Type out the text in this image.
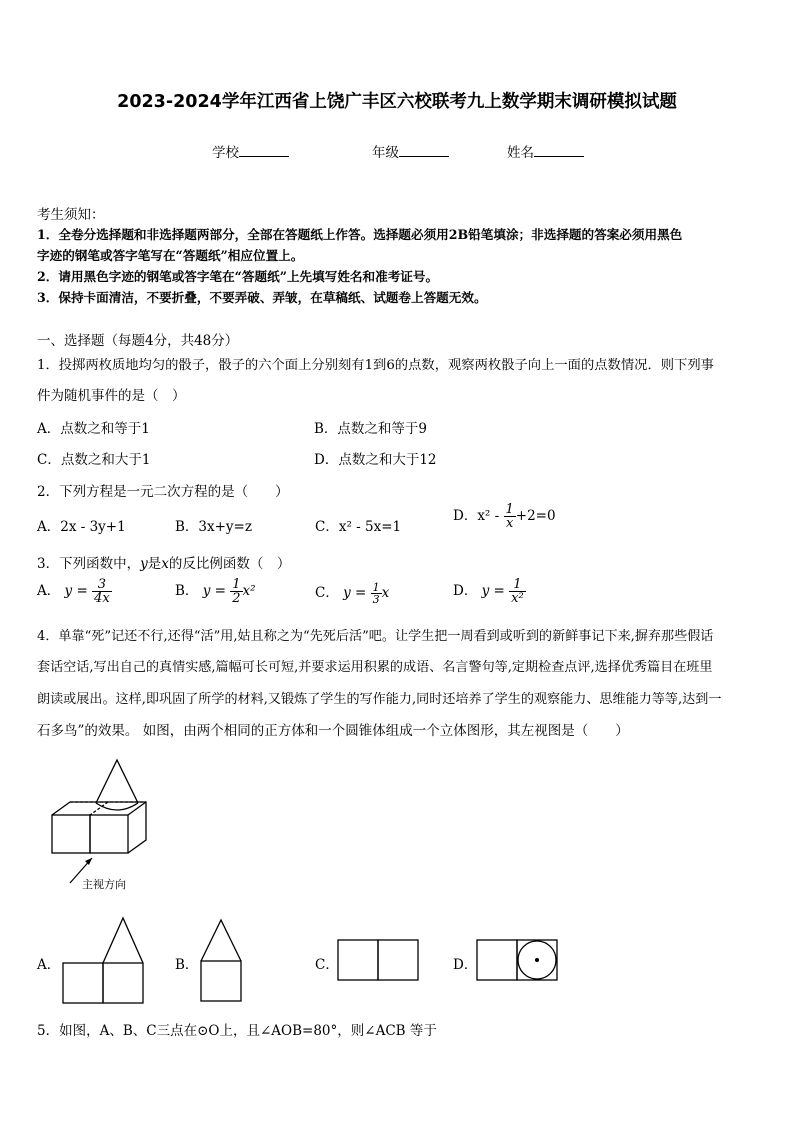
2023-2024学年江西省上饶广丰区六校联考九上数学期末调研模拟试题
学校	年级	姓名
考生须知：
1．全卷分选择题和非选择题两部分，全部在答题纸上作答。选择题必须用2B铅笔填涂；非选择题的答案必须用黑色
字迹的钢笔或答字笔写在“答题纸”相应位置上。
2．请用黑色字迹的钢笔或答字笔在“答题纸”上先填写姓名和准考证号。
3．保持卡面清洁，不要折叠，不要弄破、弄皱，在草稿纸、试题卷上答题无效。
一、选择题（每题4分，共48分）
1．投掷两枚质地均匀的骰子，骰子的六个面上分别刻有1到6的点数，观察两枚骰子向上一面的点数情况．则下列事
件为随机事件的是（　）
A．点数之和等于1	B．点数之和等于9
C．点数之和大于1	D．点数之和大于12
2．下列方程是一元二次方程的是（　　）
A．2x - 3y+1	B．3x+y=z	C．x² - 5x=1
D．$x^2 - \frac{1}{x} +2=0$
3．下列函数中，y是x的反比例函数（　）
A． $y = \frac{3}{4x}$	B． $y = \frac{1}{2} x^2$	C． $y = \frac{1}{3}$ x	D． $y = \frac{1}{\text{x²}}$
4．单靠“死”记还不行,还得“活”用,姑且称之为“先死后活”吧。让学生把一周看到或听到的新鲜事记下来,摒弃那些假话
套话空话,写出自己的真情实感,篇幅可长可短,并要求运用积累的成语、名言警句等,定期检查点评,选择优秀篇目在班里
朗读或展出。这样,即巩固了所学的材料,又锻炼了学生的写作能力,同时还培养了学生的观察能力、思维能力等等,达到一
石多鸟”的效果。 如图，由两个相同的正方体和一个圆锥体组成一个立体图形，其左视图是（　　）
主视方向
A．	B．	C．	D．
5．如图，A、B、C三点在⊙O上，且∠AOB=80°，则∠ACB 等于
